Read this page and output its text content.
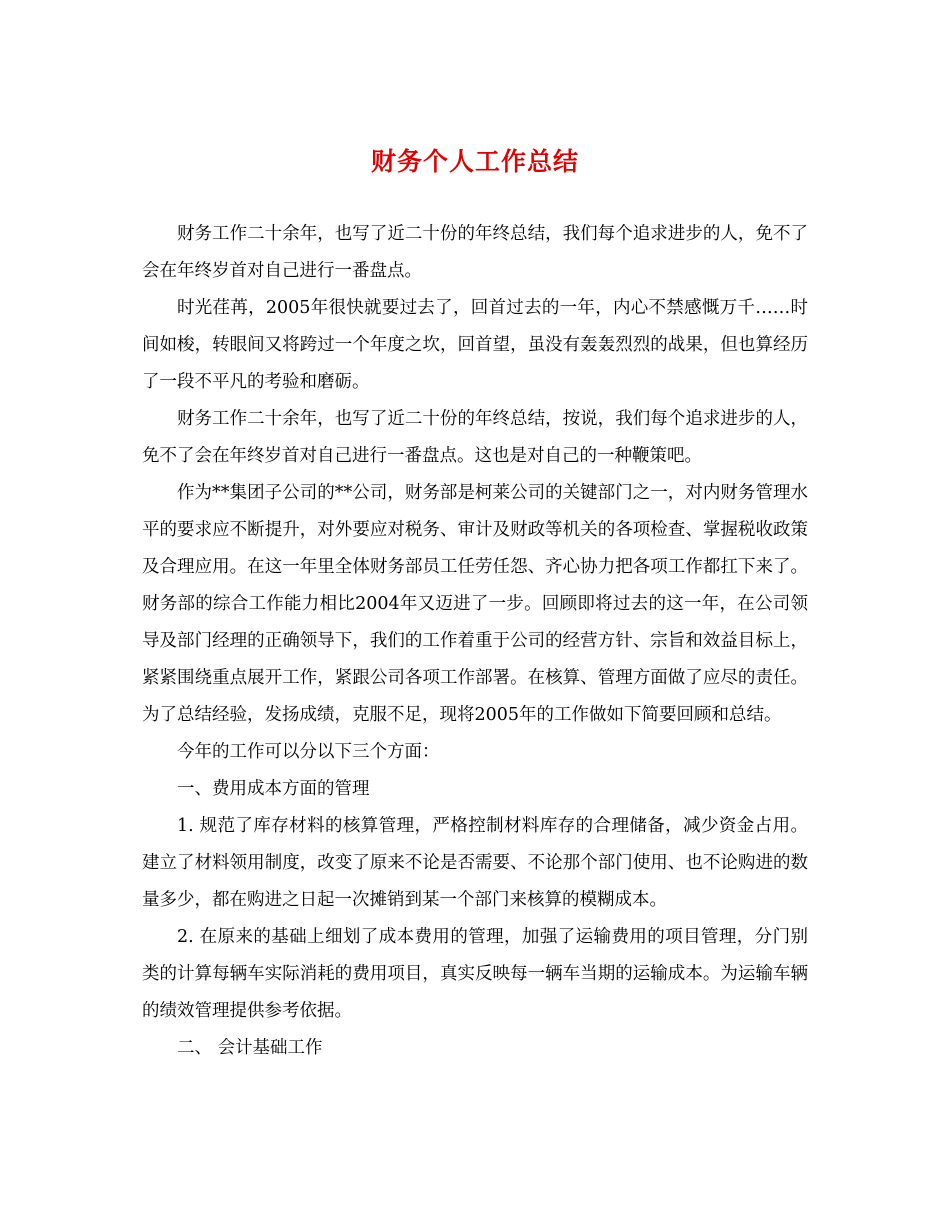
财务个人工作总结

财务工作二十余年，也写了近二十份的年终总结，我们每个追求进步的人，免不了会在年终岁首对自己进行一番盘点。

时光荏苒，2005年很快就要过去了，回首过去的一年，内心不禁感慨万千……时间如梭，转眼间又将跨过一个年度之坎，回首望，虽没有轰轰烈烈的战果，但也算经历了一段不平凡的考验和磨砺。

财务工作二十余年，也写了近二十份的年终总结，按说，我们每个追求进步的人，免不了会在年终岁首对自己进行一番盘点。这也是对自己的一种鞭策吧。

作为**集团子公司的**公司，财务部是柯莱公司的关键部门之一，对内财务管理水平的要求应不断提升，对外要应对税务、审计及财政等机关的各项检查、掌握税收政策及合理应用。在这一年里全体财务部员工任劳任怨、齐心协力把各项工作都扛下来了。财务部的综合工作能力相比2004年又迈进了一步。回顾即将过去的这一年，在公司领导及部门经理的正确领导下，我们的工作着重于公司的经营方针、宗旨和效益目标上，紧紧围绕重点展开工作，紧跟公司各项工作部署。在核算、管理方面做了应尽的责任。为了总结经验，发扬成绩，克服不足，现将2005年的工作做如下简要回顾和总结。

今年的工作可以分以下三个方面：

一、费用成本方面的管理

1. 规范了库存材料的核算管理，严格控制材料库存的合理储备，减少资金占用。建立了材料领用制度，改变了原来不论是否需要、不论那个部门使用、也不论购进的数量多少，都在购进之日起一次摊销到某一个部门来核算的模糊成本。

2. 在原来的基础上细划了成本费用的管理，加强了运输费用的项目管理，分门别类的计算每辆车实际消耗的费用项目，真实反映每一辆车当期的运输成本。为运输车辆的绩效管理提供参考依据。

二、 会计基础工作
